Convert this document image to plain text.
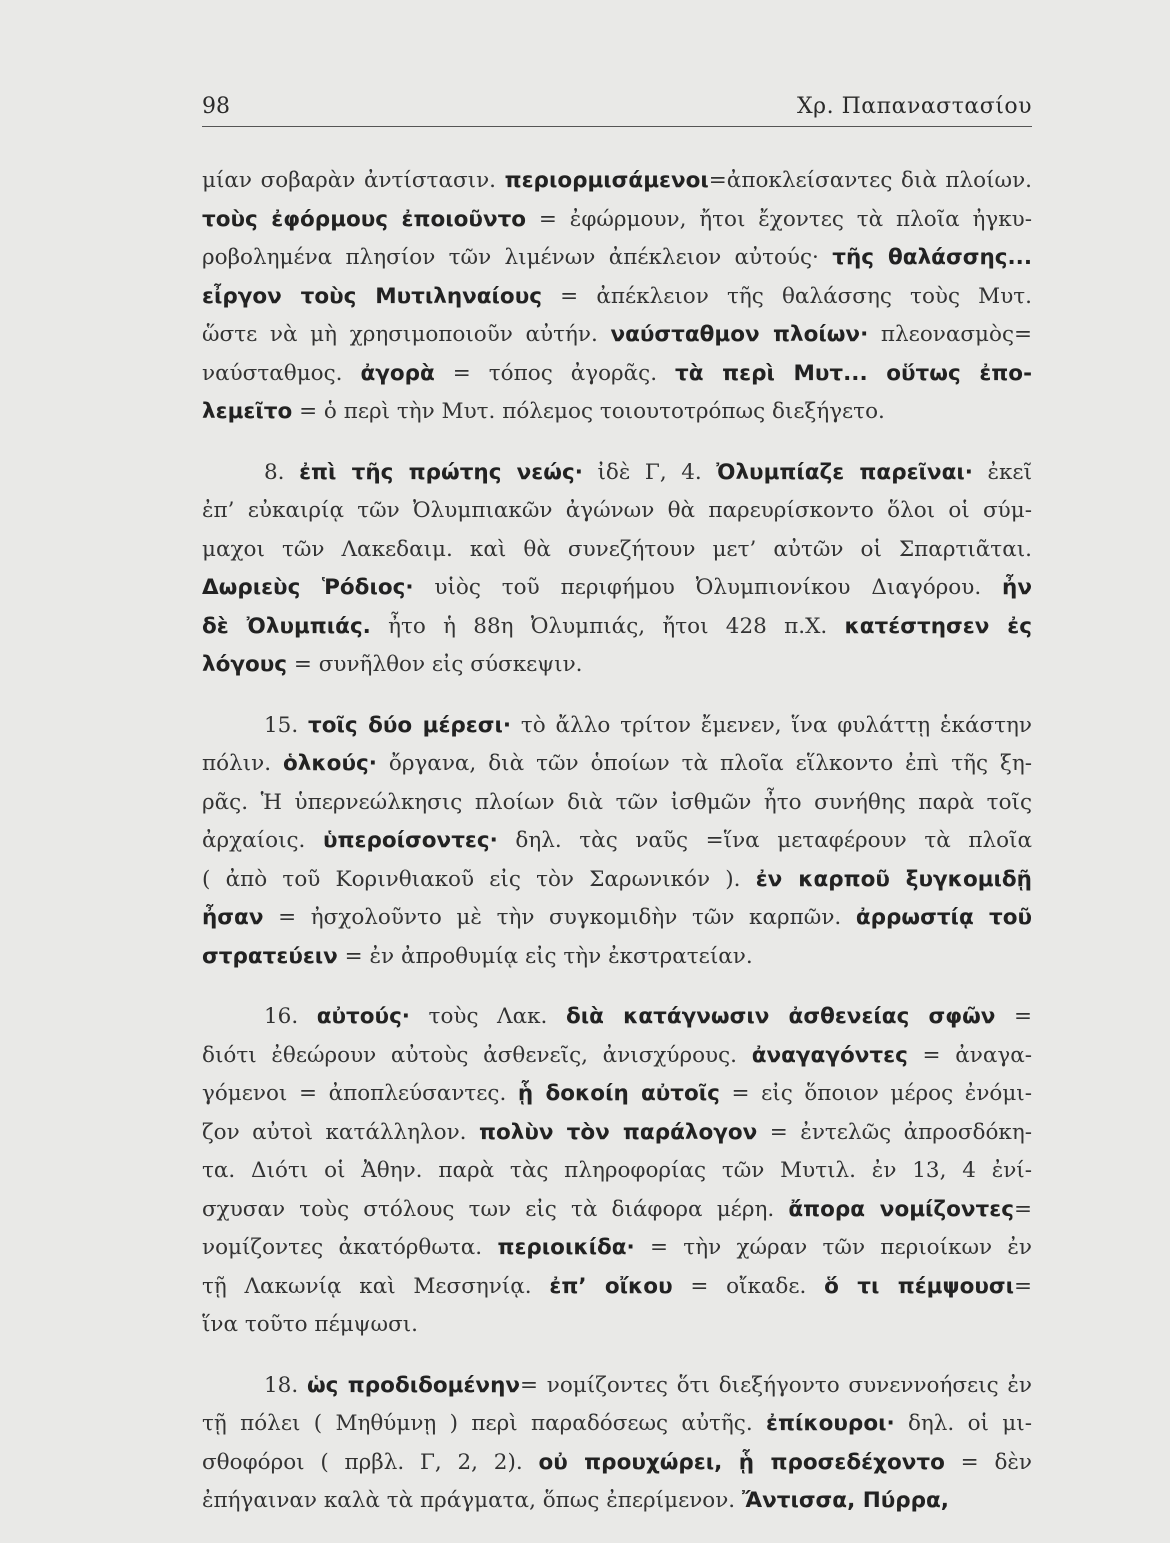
98	Χρ. Παπαναστασίου
μίαν σοβαρὰν ἀντίστασιν. περιορμισάμενοι=ἀποκλείσαντες διὰ πλοίων.
τοὺς ἐφόρμους ἐποιοῦντο = ἐφώρμουν, ἤτοι ἔχοντες τὰ πλοῖα ἠγκυ-
ροβολημένα πλησίον τῶν λιμένων ἀπέκλειον αὐτούς· τῆς θαλάσσης...
εἶργον τοὺς Μυτιληναίους = ἀπέκλειον τῆς θαλάσσης τοὺς Μυτ.
ὥστε νὰ μὴ χρησιμοποιοῦν αὐτήν. ναύσταθμον πλοίων· πλεονασμὸς=
ναύσταθμος. ἀγορὰ = τόπος ἀγορᾶς. τὰ περὶ Μυτ... οὕτως ἐπο-
λεμεῖτο = ὁ περὶ τὴν Μυτ. πόλεμος τοιουτοτρόπως διεξήγετο.
8. ἐπὶ τῆς πρώτης νεώς· ἰδὲ Γ, 4. Ὀλυμπίαζε παρεῖναι· ἐκεῖ
ἐπ’ εὐκαιρίᾳ τῶν Ὀλυμπιακῶν ἀγώνων θὰ παρευρίσκοντο ὅλοι οἱ σύμ-
μαχοι τῶν Λακεδαιμ. καὶ θὰ συνεζήτουν μετ’ αὐτῶν οἱ Σπαρτιᾶται.
Δωριεὺς Ῥόδιος· υἱὸς τοῦ περιφήμου Ὀλυμπιονίκου Διαγόρου. ἦν
δὲ Ὀλυμπιάς. ἦτο ἡ 88η Ὀλυμπιάς, ἤτοι 428 π.Χ. κατέστησεν ἐς
λόγους = συνῆλθον εἰς σύσκεψιν.
15. τοῖς δύο μέρεσι· τὸ ἄλλο τρίτον ἔμενεν, ἵνα φυλάττῃ ἑκάστην
πόλιν. ὁλκούς· ὄργανα, διὰ τῶν ὁποίων τὰ πλοῖα εἵλκοντο ἐπὶ τῆς ξη-
ρᾶς. Ἡ ὑπερνεώλκησις πλοίων διὰ τῶν ἰσθμῶν ἦτο συνήθης παρὰ τοῖς
ἀρχαίοις. ὑπεροίσοντες· δηλ. τὰς ναῦς =ἵνα μεταφέρουν τὰ πλοῖα
( ἀπὸ τοῦ Κορινθιακοῦ εἰς τὸν Σαρωνικόν ). ἐν καρποῦ ξυγκομιδῇ
ἦσαν = ἠσχολοῦντο μὲ τὴν συγκομιδὴν τῶν καρπῶν. ἀρρωστίᾳ τοῦ
στρατεύειν = ἐν ἀπροθυμίᾳ εἰς τὴν ἐκστρατείαν.
16. αὐτούς· τοὺς Λακ. διὰ κατάγνωσιν ἀσθενείας σφῶν =
διότι ἐθεώρουν αὐτοὺς ἀσθενεῖς, ἀνισχύρους. ἀναγαγόντες = ἀναγα-
γόμενοι = ἀποπλεύσαντες. ᾗ δοκοίη αὐτοῖς = εἰς ὅποιον μέρος ἐνόμι-
ζον αὐτοὶ κατάλληλον. πολὺν τὸν παράλογον = ἐντελῶς ἀπροσδόκη-
τα. Διότι οἱ Ἀθην. παρὰ τὰς πληροφορίας τῶν Μυτιλ. ἐν 13, 4 ἐνί-
σχυσαν τοὺς στόλους των εἰς τὰ διάφορα μέρη. ἄπορα νομίζοντες=
νομίζοντες ἀκατόρθωτα. περιοικίδα· = τὴν χώραν τῶν περιοίκων ἐν
τῇ Λακωνίᾳ καὶ Μεσσηνίᾳ. ἐπ’ οἴκου = οἴκαδε. ὅ τι πέμψουσι=
ἵνα τοῦτο πέμψωσι.
18. ὡς προδιδομένην= νομίζοντες ὅτι διεξήγοντο συνεννοήσεις ἐν
τῇ πόλει ( Μηθύμνῃ ) περὶ παραδόσεως αὐτῆς. ἐπίκουροι· δηλ. οἱ μι-
σθοφόροι ( πρβλ. Γ, 2, 2). οὐ προυχώρει, ᾗ προσεδέχοντο = δὲν
ἐπήγαιναν καλὰ τὰ πράγματα, ὅπως ἐπερίμενον. Ἄντισσα, Πύρρα,
